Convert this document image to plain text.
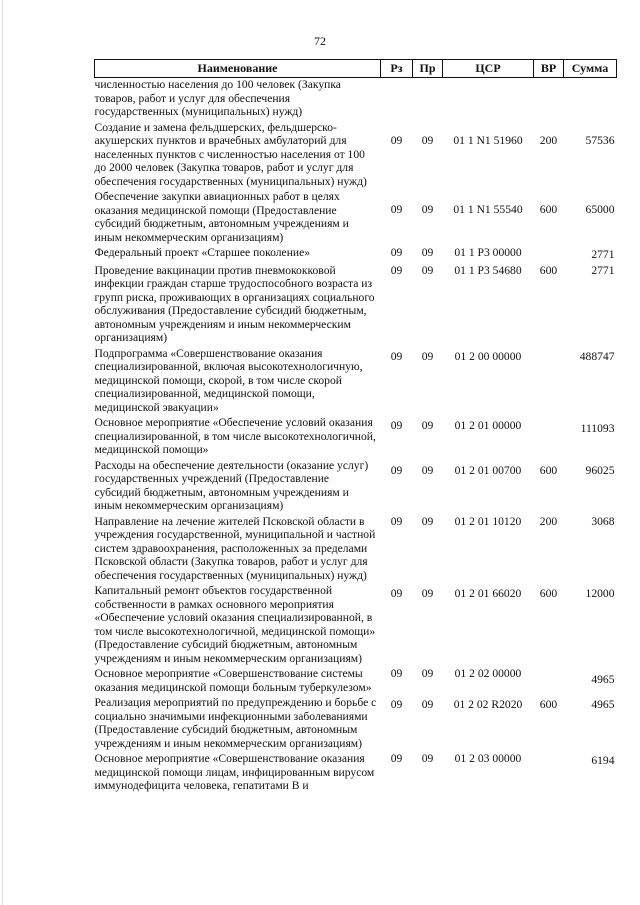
72
Наименование	Рз	Пр	ЦСР	ВР	Сумма
численностью населения до 100 человек (Закупка товаров, работ и услуг для обеспечения государственных (муниципальных) нужд)					
Создание и замена фельдшерских, фельдшерско-акушерских пунктов и врачебных амбулаторий для населенных пунктов с численностью населения от 100 до 2000 человек (Закупка товаров, работ и услуг для обеспечения государственных (муниципальных) нужд)	09	09	01 1 N1 51960	200	57536
Обеспечение закупки авиационных работ в целях оказания медицинской помощи (Предоставление субсидий бюджетным, автономным учреждениям и иным некоммерческим организациям)	09	09	01 1 N1 55540	600	65000
Федеральный проект «Старшее поколение»	09	09	01 1 P3 00000		2771
Проведение вакцинации против пневмококковой инфекции граждан старше трудоспособного возраста из групп риска, проживающих в организациях социального обслуживания (Предоставление субсидий бюджетным, автономным учреждениям и иным некоммерческим организациям)	09	09	01 1 P3 54680	600	2771
Подпрограмма «Совершенствование оказания специализированной, включая высокотехнологичную, медицинской помощи, скорой, в том числе скорой специализированной, медицинской помощи, медицинской эвакуации»	09	09	01 2 00 00000		488747
Основное мероприятие «Обеспечение условий оказания специализированной, в том числе высокотехнологичной, медицинской помощи»	09	09	01 2 01 00000		111093
Расходы на обеспечение деятельности (оказание услуг) государственных учреждений (Предоставление субсидий бюджетным, автономным учреждениям и иным некоммерческим организациям)	09	09	01 2 01 00700	600	96025
Направление на лечение жителей Псковской области в учреждения государственной, муниципальной и частной систем здравоохранения, расположенных за пределами Псковской области (Закупка товаров, работ и услуг для обеспечения государственных (муниципальных) нужд)	09	09	01 2 01 10120	200	3068
Капитальный ремонт объектов государственной собственности в рамках основного мероприятия «Обеспечение условий оказания специализированной, в том числе высокотехнологичной, медицинской помощи» (Предоставление субсидий бюджетным, автономным учреждениям и иным некоммерческим организациям)	09	09	01 2 01 66020	600	12000
Основное мероприятие «Совершенствование системы оказания медицинской помощи больным туберкулезом»	09	09	01 2 02 00000		4965
Реализация мероприятий по предупреждению и борьбе с социально значимыми инфекционными заболеваниями (Предоставление субсидий бюджетным, автономным учреждениям и иным некоммерческим организациям)	09	09	01 2 02 R2020	600	4965
Основное мероприятие «Совершенствование оказания медицинской помощи лицам, инфицированным вирусом иммунодефицита человека, гепатитами B и	09	09	01 2 03 00000		6194
